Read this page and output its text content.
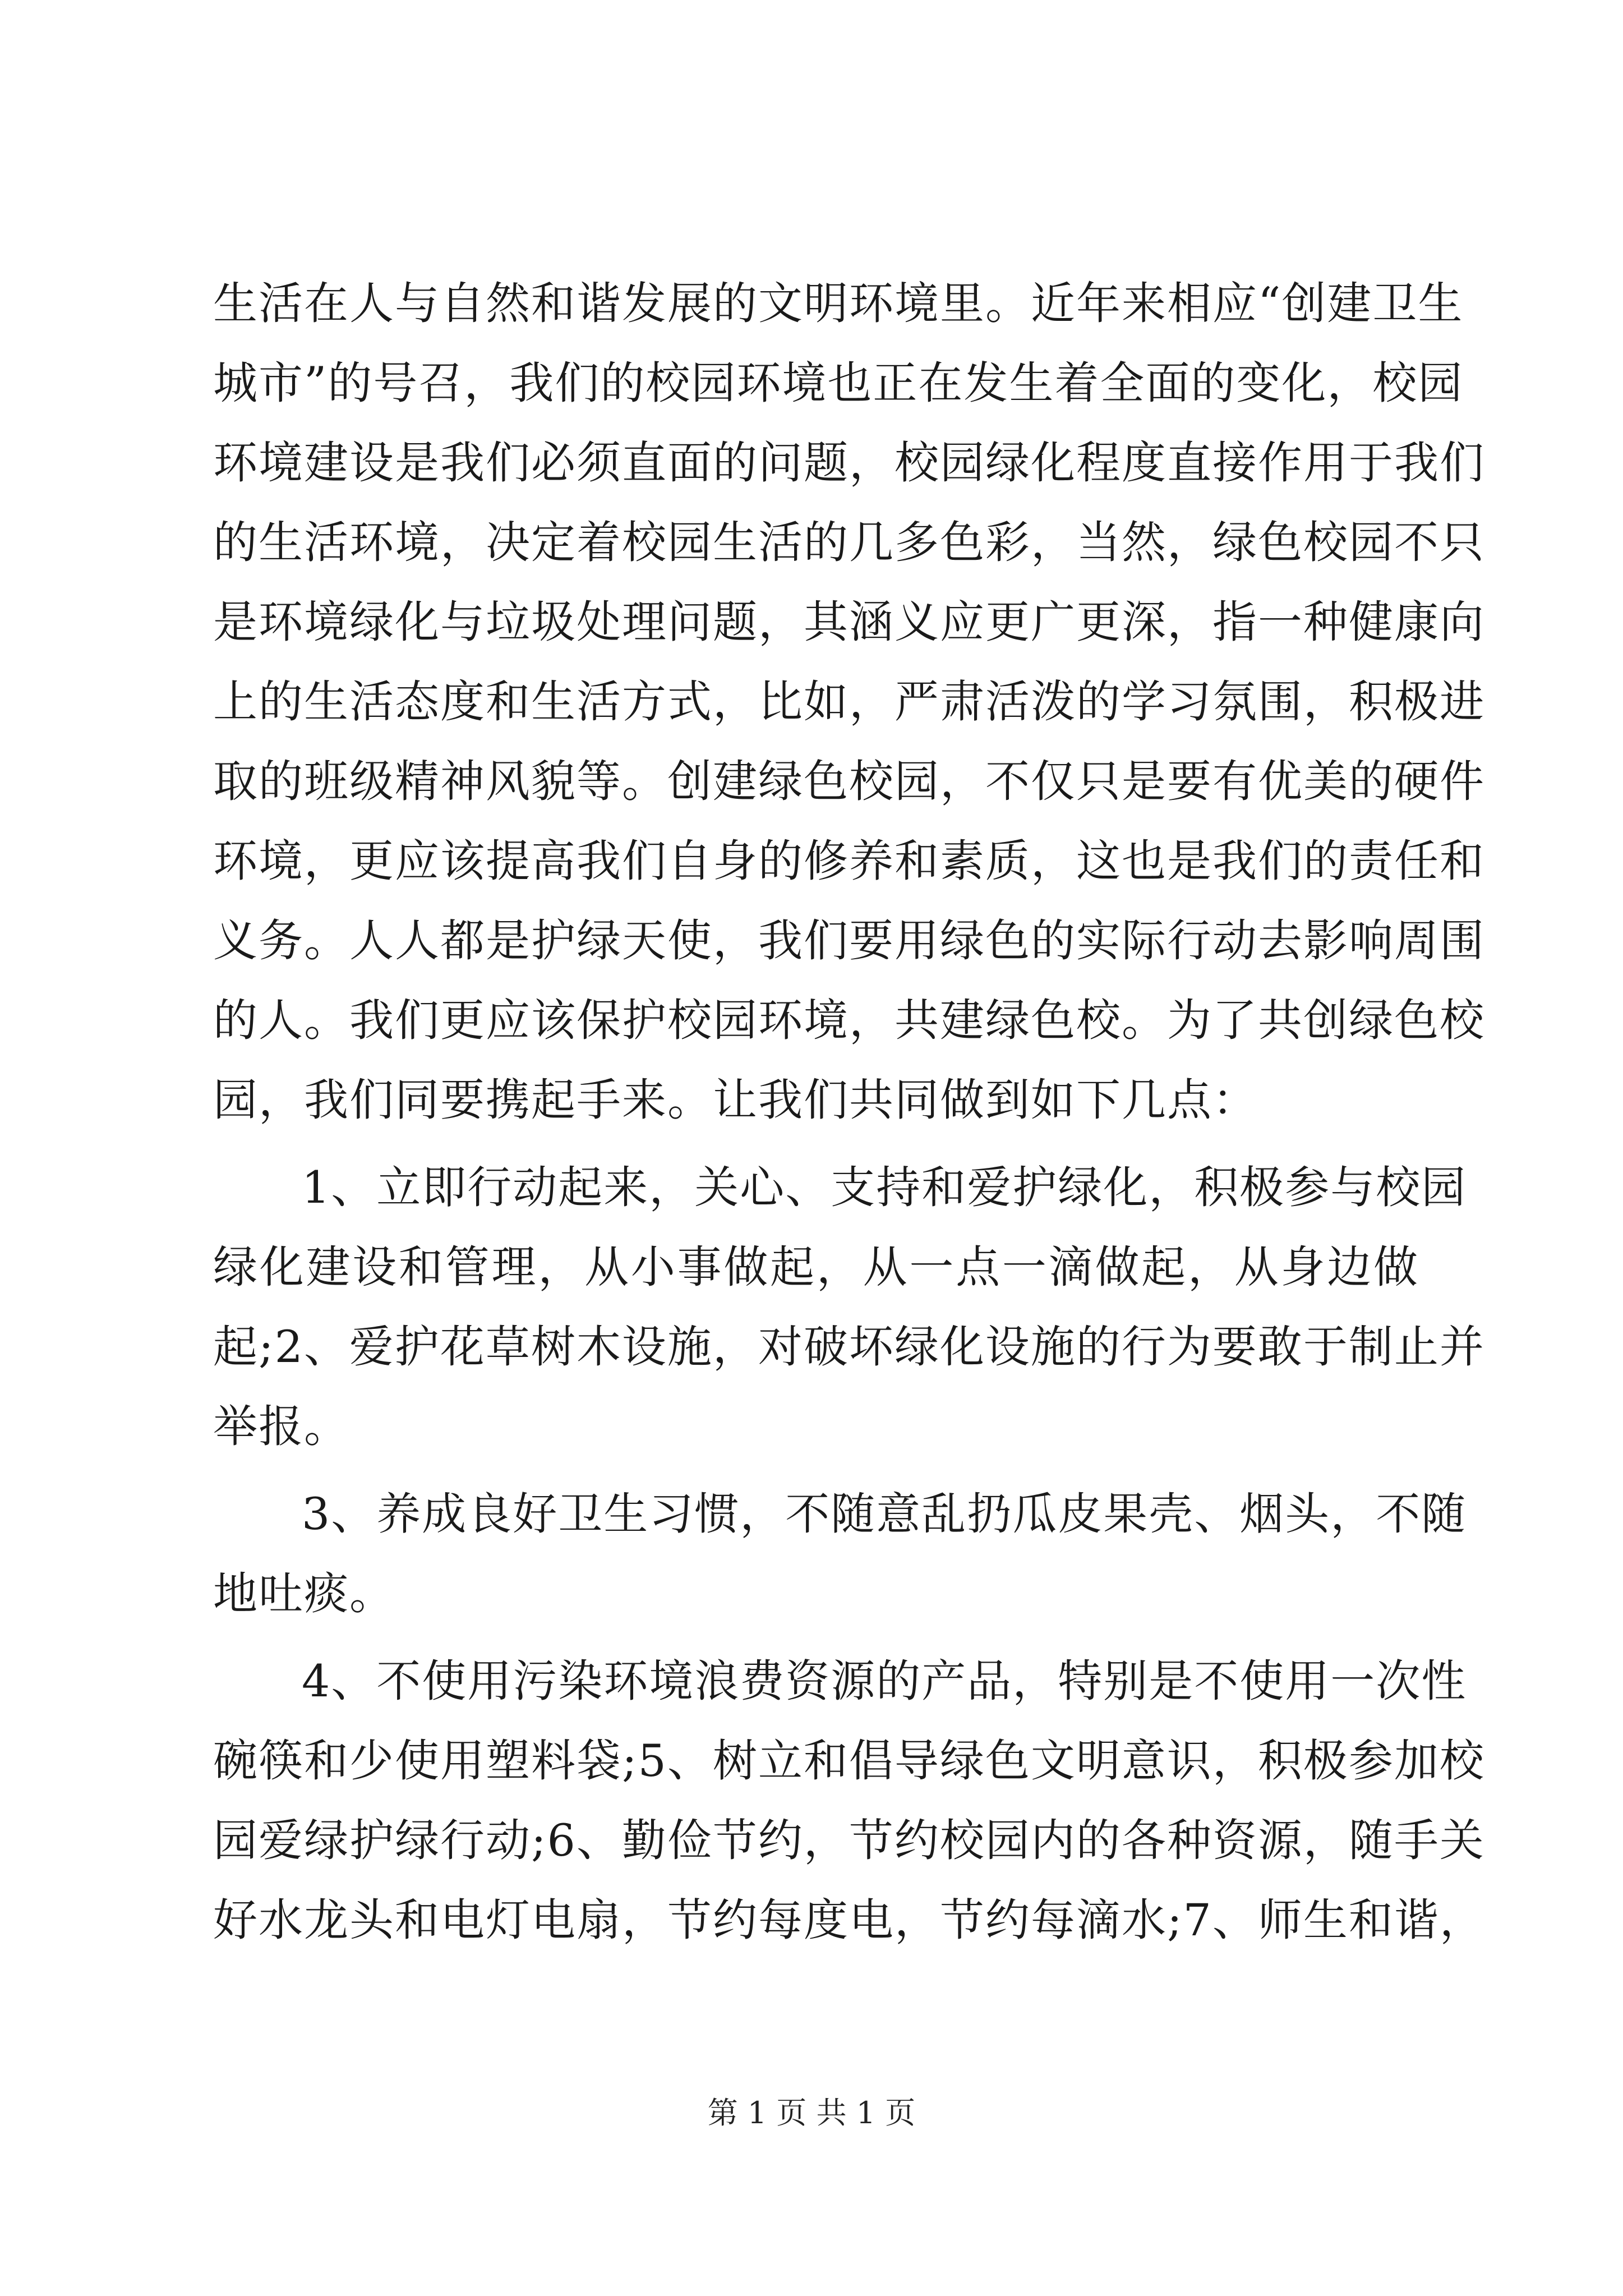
生活在人与自然和谐发展的文明环境里。近年来相应“创建卫生
城市”的号召，我们的校园环境也正在发生着全面的变化，校园
环境建设是我们必须直面的问题，校园绿化程度直接作用于我们
的生活环境，决定着校园生活的几多色彩，当然，绿色校园不只
是环境绿化与垃圾处理问题，其涵义应更广更深，指一种健康向
上的生活态度和生活方式，比如，严肃活泼的学习氛围，积极进
取的班级精神风貌等。创建绿色校园，不仅只是要有优美的硬件
环境，更应该提高我们自身的修养和素质，这也是我们的责任和
义务。人人都是护绿天使，我们要用绿色的实际行动去影响周围
的人。我们更应该保护校园环境，共建绿色校。为了共创绿色校
园，我们同要携起手来。让我们共同做到如下几点：
1、立即行动起来，关心、支持和爱护绿化，积极参与校园
绿化建设和管理，从小事做起，从一点一滴做起，从身边做
起;2、爱护花草树木设施，对破坏绿化设施的行为要敢于制止并
举报。
3、养成良好卫生习惯，不随意乱扔瓜皮果壳、烟头，不随
地吐痰。
4、不使用污染环境浪费资源的产品，特别是不使用一次性
碗筷和少使用塑料袋;5、树立和倡导绿色文明意识，积极参加校
园爱绿护绿行动;6、勤俭节约，节约校园内的各种资源，随手关
好水龙头和电灯电扇，节约每度电，节约每滴水;7、师生和谐，
第 1 页 共 1 页
